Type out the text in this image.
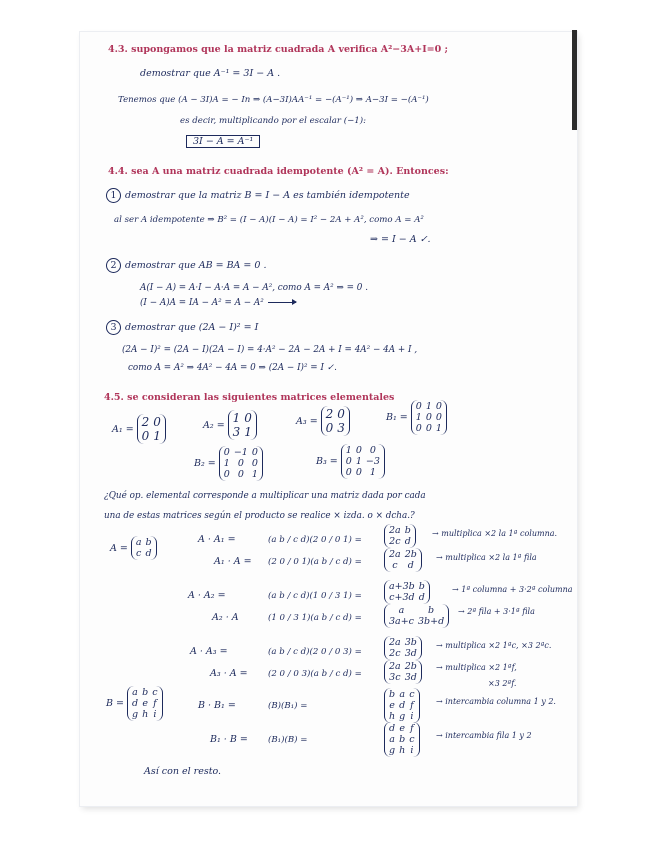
4.3. supongamos que la matriz cuadrada A verifica A²−3A+I=0 ;
demostrar que A⁻¹ = 3I − A .
Tenemos que (A − 3I)A = − In ⇒ (A−3I)AA⁻¹ = −(A⁻¹) ⇒ A−3I = −(A⁻¹)
es decir, multiplicando por el escalar (−1):
3I − A = A⁻¹
4.4. sea A una matriz cuadrada idempotente (A² = A). Entonces:
1 demostrar que la matriz B = I − A es también idempotente
al ser A idempotente ⇒ B² = (I − A)(I − A) = I² − 2A + A², como A = A²
⇒ = I − A ✓.
2 demostrar que AB = BA = 0 .
A(I − A) = A·I − A·A = A − A², como A = A² ⇒ = 0 .
(I − A)A = IA − A² = A − A²
3 demostrar que (2A − I)² = I
(2A − I)² = (2A − I)(2A − I) = 4·A² − 2A − 2A + I = 4A² − 4A + I ,
como A = A² ⇒ 4A² − 4A = 0 ⇒ (2A − I)² = I ✓.
4.5. se consideran las siguientes matrices elementales
A₁ = 2 0
0 1
A₂ = 1 0
3 1
A₃ = 2 0
0 3
B₁ =
0 1 0
1 0 0
0 0 1
B₂ =
0 −1 0
1 0 0
0 0 1
B₃ =
1 0 0
0 1 −3
0 0 1
¿Qué op. elemental corresponde a multiplicar una matriz dada por cada
una de estas matrices según el producto se realice × izda. o × dcha.?
A = a b
c d
A · A₁ =	(a b / c d)(2 0 / 0 1) =
2a b
2c d
→ multiplica ×2 la 1ª columna.
A₁ · A = (2 0 / 0 1)(a b / c d) =
2a 2b
c	d
→ multiplica ×2 la 1ª fila
A · A₂ =	(a b / c d)(1 0 / 3 1) =
a+3b b
c+3d d
→ 1ª columna + 3·2ª columna
A₂ · A	(1 0 / 3 1)(a b / c d) =
a	b
3a+c 3b+d
→ 2ª fila + 3·1ª fila
A · A₃ =	(a b / c d)(2 0 / 0 3) =
2a 3b
2c 3d
→ multiplica ×2 1ªc, ×3 2ªc.
A₃ · A = (2 0 / 0 3)(a b / c d) =
2a 2b
3c 3d
→ multiplica ×2 1ªf,
×3 2ªf.
B =
a b c
d e f
g h i
B · B₁ =	(B)(B₁) =
b a c
e d f
h g i
→ intercambia columna 1 y 2.
B₁ · B = (B₁)(B) =
d e f
a b c
g h i
→ intercambia fila 1 y 2
Así con el resto.
